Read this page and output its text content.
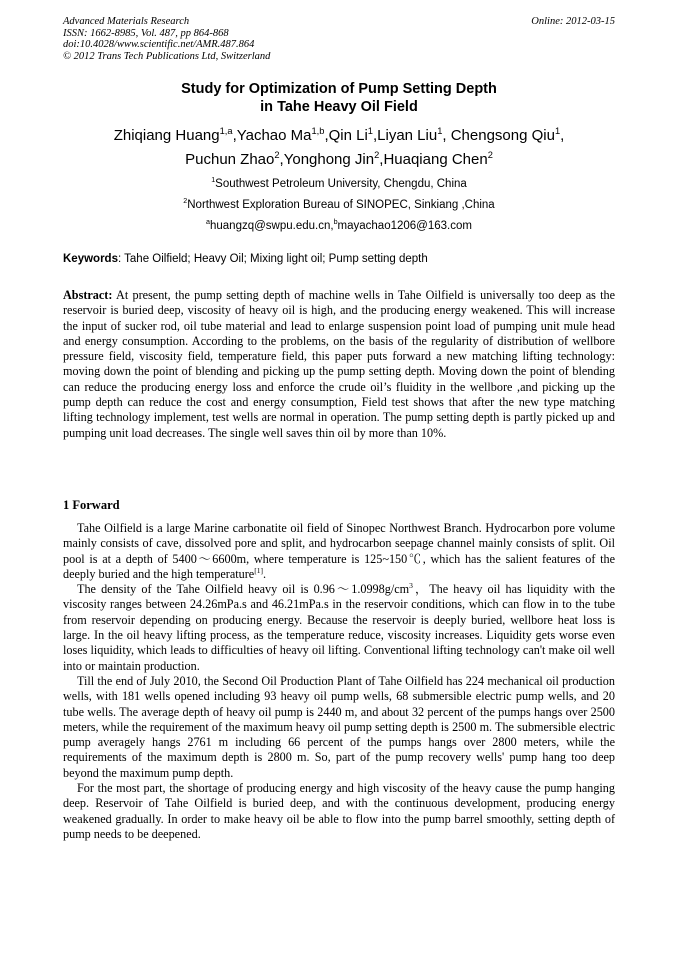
Advanced Materials Research
ISSN: 1662-8985, Vol. 487, pp 864-868
doi:10.4028/www.scientific.net/AMR.487.864
© 2012 Trans Tech Publications Ltd, Switzerland
Online: 2012-03-15
Study for Optimization of Pump Setting Depth
in Tahe Heavy Oil Field
Zhiqiang Huang$^{1,a}$,Yachao Ma$^{1,b}$,Qin Li$^1$,Liyan Liu$^1$, Chengsong Qiu$^1$,
Puchun Zhao$^2$,Yonghong Jin$^2$,Huaqiang Chen$^2$
$^1$Southwest Petroleum University, Chengdu, China
$^2$Northwest Exploration Bureau of SINOPEC, Sinkiang ,China
$^a$huangzq@swpu.edu.cn,$^b$mayachao1206@163.com
Keywords: Tahe Oilfield; Heavy Oil; Mixing light oil; Pump setting depth
Abstract: At present, the pump setting depth of machine wells in Tahe Oilfield is universally too deep as the reservoir is buried deep, viscosity of heavy oil is high, and the producing energy weakened. This will increase the input of sucker rod, oil tube material and lead to enlarge suspension point load of pumping unit mule head and energy consumption. According to the problems, on the basis of the regularity of distribution of wellbore pressure field, viscosity field, temperature field, this paper puts forward a new matching lifting technology: moving down the point of blending and picking up the pump setting depth. Moving down the point of blending can reduce the producing energy loss and enforce the crude oil’s fluidity in the wellbore ,and picking up the pump depth can reduce the cost and energy consumption, Field test shows that after the new type matching lifting technology implement, test wells are normal in operation. The pump setting depth is partly picked up and pumping unit load decreases. The single well saves thin oil by more than 10%.
1 Forward

Tahe Oilfield is a large Marine carbonatite oil field of Sinopec Northwest Branch. Hydrocarbon pore volume mainly consists of cave, dissolved pore and split, and hydrocarbon seepage channel mainly consists of split. Oil pool is at a depth of 5400～6600m, where temperature is 125~150℃, which has the salient features of the deeply buried and the high temperature[1].

The density of the Tahe Oilfield heavy oil is $0.96\sim 1.0998g/cm^3$，The heavy oil has liquidity with the viscosity ranges between 24.26mPa.s and 46.21mPa.s in the reservoir conditions, which can flow in to the tube from reservoir depending on producing energy. Because the reservoir is deeply buried, wellbore heat loss is large. In the oil heavy lifting process, as the temperature reduce, viscosity increases. Liquidity gets worse even loses liquidity, which leads to difficulties of heavy oil lifting. Conventional lifting technology can't make oil well into or maintain production.

Till the end of July 2010, the Second Oil Production Plant of Tahe Oilfield has 224 mechanical oil production wells, with 181 wells opened including 93 heavy oil pump wells, 68 submersible electric pump wells, and 20 tube wells. The average depth of heavy oil pump is 2440 m, and about 32 percent of the pumps hangs over 2500 meters, while the requirement of the maximum heavy oil pump setting depth is 2500 m. The submersible electric pump averagely hangs 2761 m including 66 percent of the pumps hangs over 2800 meters, while the requirements of the maximum depth is 2800 m. So, part of the pump recovery wells' pump hang too deep beyond the maximum pump depth.

For the most part, the shortage of producing energy and high viscosity of the heavy cause the pump hanging deep. Reservoir of Tahe Oilfield is buried deep, and with the continuous development, producing energy weakened gradually. In order to make heavy oil be able to flow into the pump barrel smoothly, setting depth of pump needs to be deepened.
